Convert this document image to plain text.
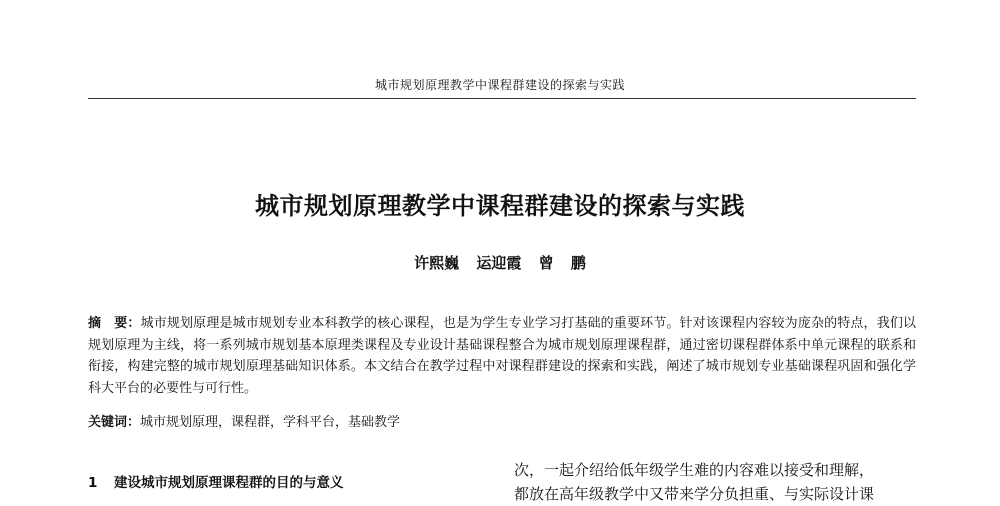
城市规划原理教学中课程群建设的探索与实践
城市规划原理教学中课程群建设的探索与实践
许熙巍 运迎霞 曾 鹏
摘　要：城市规划原理是城市规划专业本科教学的核心课程，也是为学生专业学习打基础的重要环节。针对该课程内容较为庞杂的特点，我们以规划原理为主线，将一系列城市规划基本原理类课程及专业设计基础课程整合为城市规划原理课程群，通过密切课程群体系中单元课程的联系和衔接，构建完整的城市规划原理基础知识体系。本文结合在教学过程中对课程群建设的探索和实践，阐述了城市规划专业基础课程巩固和强化学科大平台的必要性与可行性。
关键词：城市规划原理，课程群，学科平台，基础教学
1 建设城市规划原理课程群的目的与意义
次，一起介绍给低年级学生难的内容难以接受和理解，
都放在高年级教学中又带来学分负担重、与实际设计课
